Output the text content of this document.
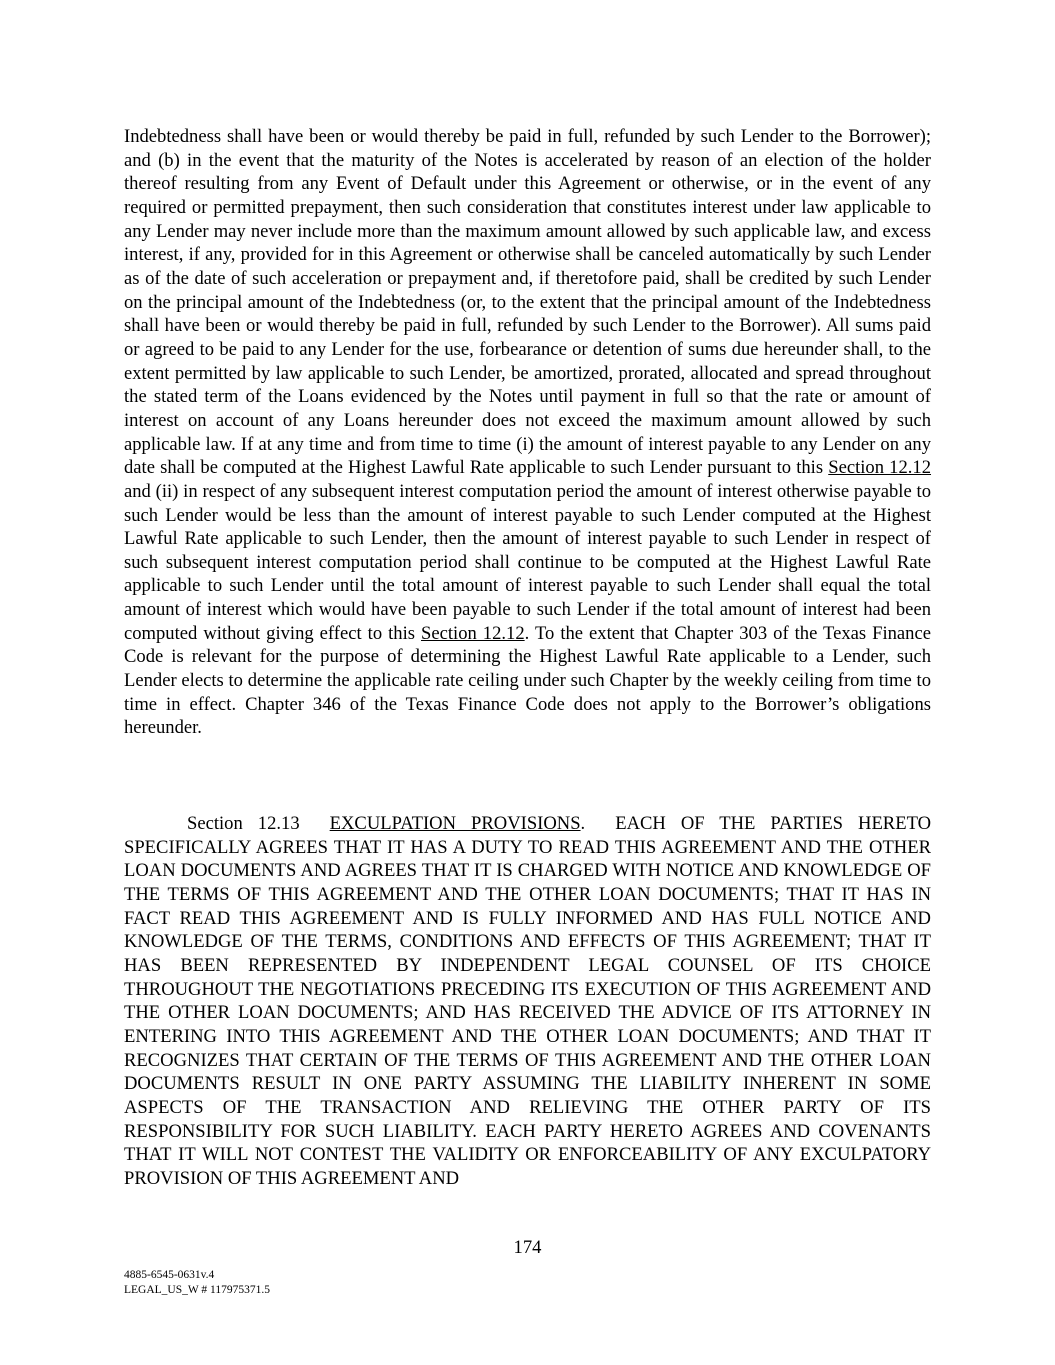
Indebtedness shall have been or would thereby be paid in full, refunded by such Lender to the Borrower); and (b) in the event that the maturity of the Notes is accelerated by reason of an election of the holder thereof resulting from any Event of Default under this Agreement or otherwise, or in the event of any required or permitted prepayment, then such consideration that constitutes interest under law applicable to any Lender may never include more than the maximum amount allowed by such applicable law, and excess interest, if any, provided for in this Agreement or otherwise shall be canceled automatically by such Lender as of the date of such acceleration or prepayment and, if theretofore paid, shall be credited by such Lender on the principal amount of the Indebtedness (or, to the extent that the principal amount of the Indebtedness shall have been or would thereby be paid in full, refunded by such Lender to the Borrower). All sums paid or agreed to be paid to any Lender for the use, forbearance or detention of sums due hereunder shall, to the extent permitted by law applicable to such Lender, be amortized, prorated, allocated and spread throughout the stated term of the Loans evidenced by the Notes until payment in full so that the rate or amount of interest on account of any Loans hereunder does not exceed the maximum amount allowed by such applicable law. If at any time and from time to time (i) the amount of interest payable to any Lender on any date shall be computed at the Highest Lawful Rate applicable to such Lender pursuant to this Section 12.12 and (ii) in respect of any subsequent interest computation period the amount of interest otherwise payable to such Lender would be less than the amount of interest payable to such Lender computed at the Highest Lawful Rate applicable to such Lender, then the amount of interest payable to such Lender in respect of such subsequent interest computation period shall continue to be computed at the Highest Lawful Rate applicable to such Lender until the total amount of interest payable to such Lender shall equal the total amount of interest which would have been payable to such Lender if the total amount of interest had been computed without giving effect to this Section 12.12. To the extent that Chapter 303 of the Texas Finance Code is relevant for the purpose of determining the Highest Lawful Rate applicable to a Lender, such Lender elects to determine the applicable rate ceiling under such Chapter by the weekly ceiling from time to time in effect. Chapter 346 of the Texas Finance Code does not apply to the Borrower’s obligations hereunder.

Section 12.13 EXCULPATION PROVISIONS. EACH OF THE PARTIES HERETO SPECIFICALLY AGREES THAT IT HAS A DUTY TO READ THIS AGREEMENT AND THE OTHER LOAN DOCUMENTS AND AGREES THAT IT IS CHARGED WITH NOTICE AND KNOWLEDGE OF THE TERMS OF THIS AGREEMENT AND THE OTHER LOAN DOCUMENTS; THAT IT HAS IN FACT READ THIS AGREEMENT AND IS FULLY INFORMED AND HAS FULL NOTICE AND KNOWLEDGE OF THE TERMS, CONDITIONS AND EFFECTS OF THIS AGREEMENT; THAT IT HAS BEEN REPRESENTED BY INDEPENDENT LEGAL COUNSEL OF ITS CHOICE THROUGHOUT THE NEGOTIATIONS PRECEDING ITS EXECUTION OF THIS AGREEMENT AND THE OTHER LOAN DOCUMENTS; AND HAS RECEIVED THE ADVICE OF ITS ATTORNEY IN ENTERING INTO THIS AGREEMENT AND THE OTHER LOAN DOCUMENTS; AND THAT IT RECOGNIZES THAT CERTAIN OF THE TERMS OF THIS AGREEMENT AND THE OTHER LOAN DOCUMENTS RESULT IN ONE PARTY ASSUMING THE LIABILITY INHERENT IN SOME ASPECTS OF THE TRANSACTION AND RELIEVING THE OTHER PARTY OF ITS RESPONSIBILITY FOR SUCH LIABILITY. EACH PARTY HERETO AGREES AND COVENANTS THAT IT WILL NOT CONTEST THE VALIDITY OR ENFORCEABILITY OF ANY EXCULPATORY PROVISION OF THIS AGREEMENT AND

174
4885-6545-0631v.4
LEGAL_US_W # 117975371.5
